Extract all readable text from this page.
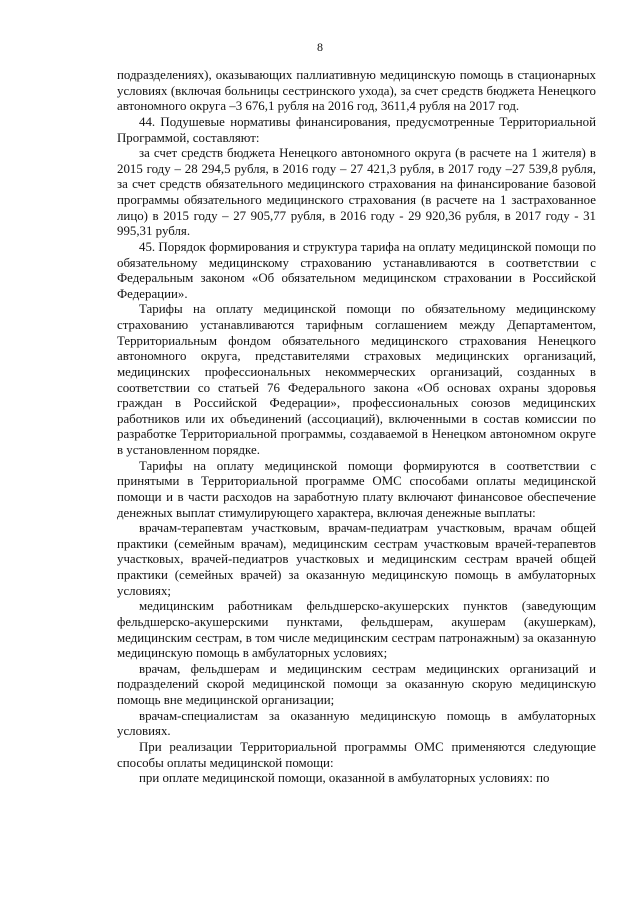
8

подразделениях), оказывающих паллиативную медицинскую помощь в стационарных условиях (включая больницы сестринского ухода), за счет средств бюджета Ненецкого автономного округа –3 676,1 рубля на 2016 год, 3611,4 рубля на 2017 год.

44. Подушевые нормативы финансирования, предусмотренные Территориальной Программой, составляют:

за счет средств бюджета Ненецкого автономного округа (в расчете на 1 жителя) в 2015 году – 28 294,5 рубля, в 2016 году – 27 421,3 рубля, в 2017 году –27 539,8 рубля, за счет средств обязательного медицинского страхования на финансирование базовой программы обязательного медицинского страхования (в расчете на 1 застрахованное лицо) в 2015 году – 27 905,77 рубля, в 2016 году - 29 920,36 рубля, в 2017 году - 31 995,31 рубля.

45. Порядок формирования и структура тарифа на оплату медицинской помощи по обязательному медицинскому страхованию устанавливаются в соответствии с Федеральным законом «Об обязательном медицинском страховании в Российской Федерации».

Тарифы на оплату медицинской помощи по обязательному медицинскому страхованию устанавливаются тарифным соглашением между Департаментом, Территориальным фондом обязательного медицинского страхования Ненецкого автономного округа, представителями страховых медицинских организаций, медицинских профессиональных некоммерческих организаций, созданных в соответствии со статьей 76 Федерального закона «Об основах охраны здоровья граждан в Российской Федерации», профессиональных союзов медицинских работников или их объединений (ассоциаций), включенными в состав комиссии по разработке Территориальной программы, создаваемой в Ненецком автономном округе в установленном порядке.

Тарифы на оплату медицинской помощи формируются в соответствии с принятыми в Территориальной программе ОМС способами оплаты медицинской помощи и в части расходов на заработную плату включают финансовое обеспечение денежных выплат стимулирующего характера, включая денежные выплаты:

врачам-терапевтам участковым, врачам-педиатрам участковым, врачам общей практики (семейным врачам), медицинским сестрам участковым врачей-терапевтов участковых, врачей-педиатров участковых и медицинским сестрам врачей общей практики (семейных врачей) за оказанную медицинскую помощь в амбулаторных условиях;

медицинским работникам фельдшерско-акушерских пунктов (заведующим фельдшерско-акушерскими пунктами, фельдшерам, акушерам (акушеркам), медицинским сестрам, в том числе медицинским сестрам патронажным) за оказанную медицинскую помощь в амбулаторных условиях;

врачам, фельдшерам и медицинским сестрам медицинских организаций и подразделений скорой медицинской помощи за оказанную скорую медицинскую помощь вне медицинской организации;

врачам-специалистам за оказанную медицинскую помощь в амбулаторных условиях.

При реализации Территориальной программы ОМС применяются следующие способы оплаты медицинской помощи:

при оплате медицинской помощи, оказанной в амбулаторных условиях: по
